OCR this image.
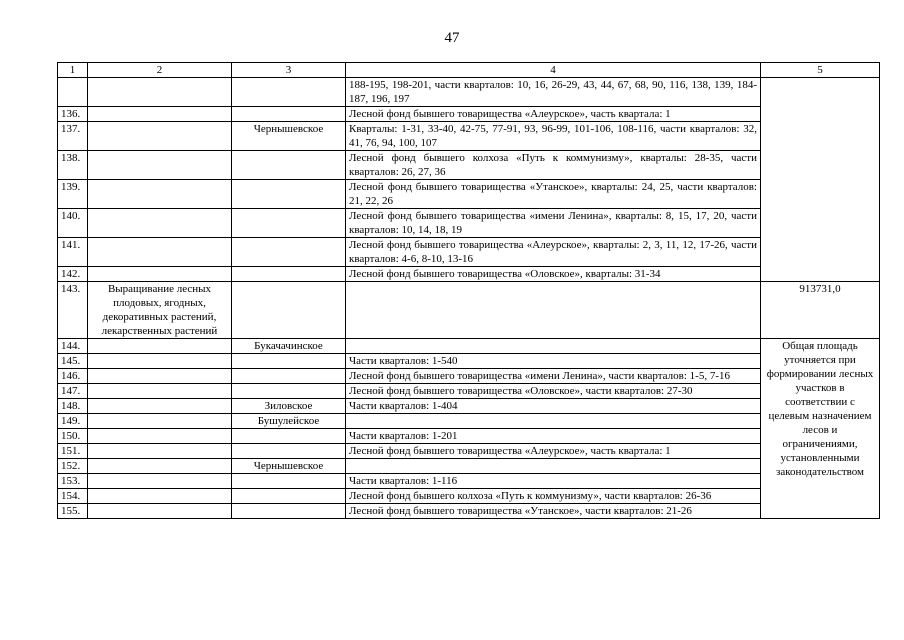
47
1	2	3	4	5
			188-195, 198-201, части кварталов: 10, 16, 26-29, 43, 44, 67, 68, 90, 116, 138, 139, 184-187, 196, 197	
136.			Лесной фонд бывшего товарищества «Алеурское», часть квартала: 1	
137.		Чернышевское	Кварталы: 1-31, 33-40, 42-75, 77-91, 93, 96-99, 101-106, 108-116, части кварталов: 32, 41, 76, 94, 100, 107	
138.			Лесной фонд бывшего колхоза «Путь к коммунизму», кварталы: 28-35, части кварталов: 26, 27, 36	
139.			Лесной фонд бывшего товарищества «Утанское», кварталы: 24, 25, части кварталов: 21, 22, 26	
140.			Лесной фонд бывшего товарищества «имени Ленина», кварталы: 8, 15, 17, 20, части кварталов: 10, 14, 18, 19	
141.			Лесной фонд бывшего товарищества «Алеурское», кварталы: 2, 3, 11, 12, 17-26, части кварталов: 4-6, 8-10, 13-16	
142.			Лесной фонд бывшего товарищества «Оловское», кварталы: 31-34	
143.	Выращивание лесных плодовых, ягодных, декоративных растений, лекарственных растений			913731,0
144.		Букачачинское		Общая площадь уточняется при формировании лесных участков в соответствии с целевым назначением лесов и ограничениями, установленными законодательством
145.			Части кварталов: 1-540	
146.			Лесной фонд бывшего товарищества «имени Ленина», части кварталов: 1-5, 7-16	
147.			Лесной фонд бывшего товарищества «Оловское», части кварталов: 27-30	
148.		Зиловское	Части кварталов: 1-404	
149.		Бушулейское		
150.			Части кварталов: 1-201	
151.			Лесной фонд бывшего товарищества «Алеурское», часть квартала: 1	
152.		Чернышевское		
153.			Части кварталов: 1-116	
154.			Лесной фонд бывшего колхоза «Путь к коммунизму», части кварталов: 26-36	
155.			Лесной фонд бывшего товарищества «Утанское», части кварталов: 21-26	
